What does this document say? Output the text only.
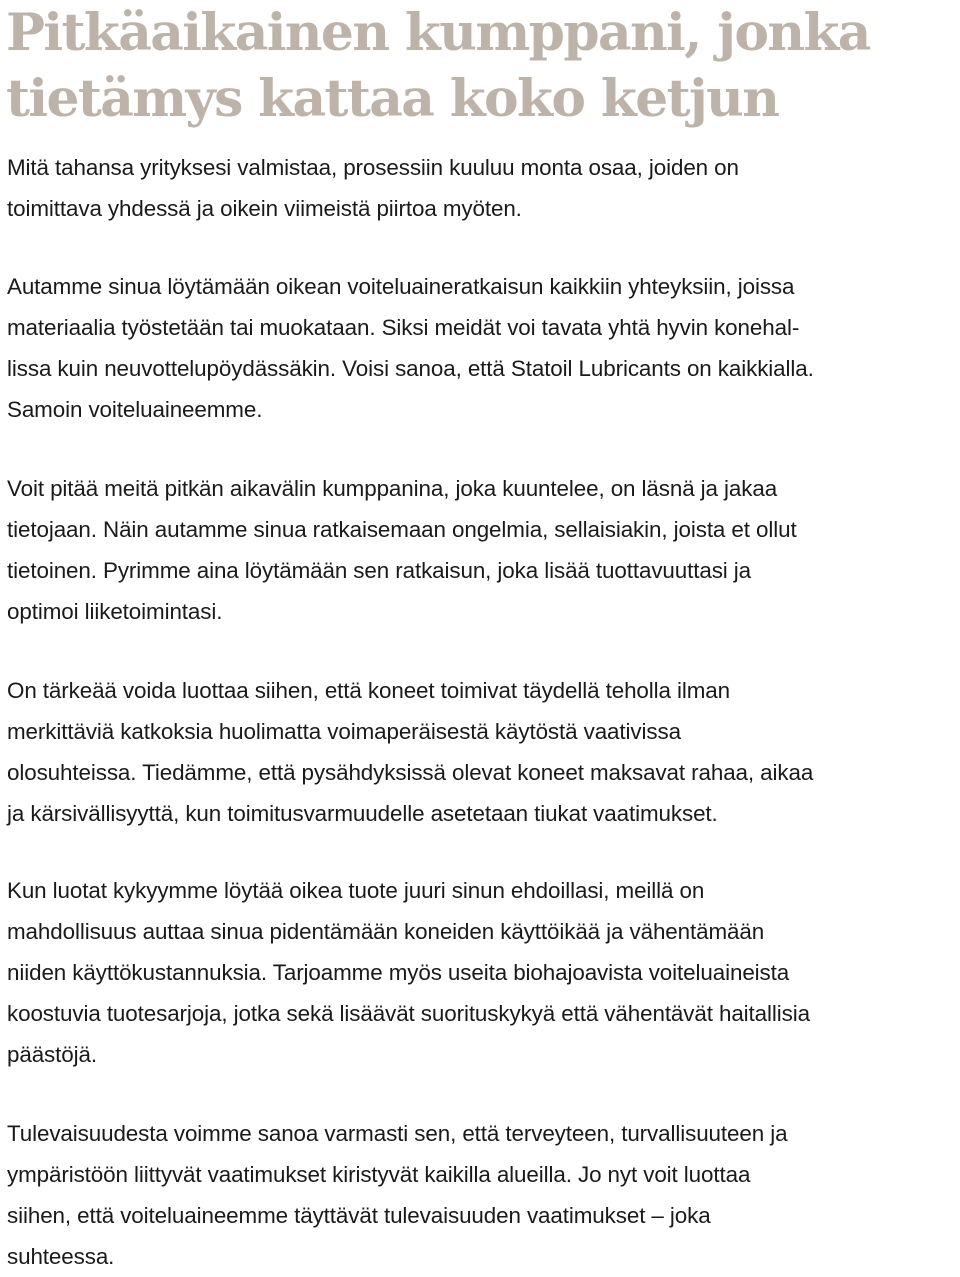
Pitkäaikainen kumppani, jonka
tietämys kattaa koko ketjun

Mitä tahansa yrityksesi valmistaa, prosessiin kuuluu monta osaa, joiden on
toimittava yhdessä ja oikein viimeistä piirtoa myöten.

Autamme sinua löytämään oikean voiteluaineratkaisun kaikkiin yhteyksiin, joissa
materiaalia työstetään tai muokataan. Siksi meidät voi tavata yhtä hyvin konehal-
lissa kuin neuvottelupöydässäkin. Voisi sanoa, että Statoil Lubricants on kaikkialla.
Samoin voiteluaineemme.

Voit pitää meitä pitkän aikavälin kumppanina, joka kuuntelee, on läsnä ja jakaa
tietojaan. Näin autamme sinua ratkaisemaan ongelmia, sellaisiakin, joista et ollut
tietoinen. Pyrimme aina löytämään sen ratkaisun, joka lisää tuottavuuttasi ja
optimoi liiketoimintasi.

On tärkeää voida luottaa siihen, että koneet toimivat täydellä teholla ilman
merkittäviä katkoksia huolimatta voimaperäisestä käytöstä vaativissa
olosuhteissa. Tiedämme, että pysähdyksissä olevat koneet maksavat rahaa, aikaa
ja kärsivällisyyttä, kun toimitusvarmuudelle asetetaan tiukat vaatimukset.

Kun luotat kykyymme löytää oikea tuote juuri sinun ehdoillasi, meillä on
mahdollisuus auttaa sinua pidentämään koneiden käyttöikää ja vähentämään
niiden käyttökustannuksia. Tarjoamme myös useita biohajoavista voiteluaineista
koostuvia tuotesarjoja, jotka sekä lisäävät suorituskykyä että vähentävät haitallisia
päästöjä.

Tulevaisuudesta voimme sanoa varmasti sen, että terveyteen, turvallisuuteen ja
ympäristöön liittyvät vaatimukset kiristyvät kaikilla alueilla. Jo nyt voit luottaa
siihen, että voiteluaineemme täyttävät tulevaisuuden vaatimukset – joka
suhteessa.
